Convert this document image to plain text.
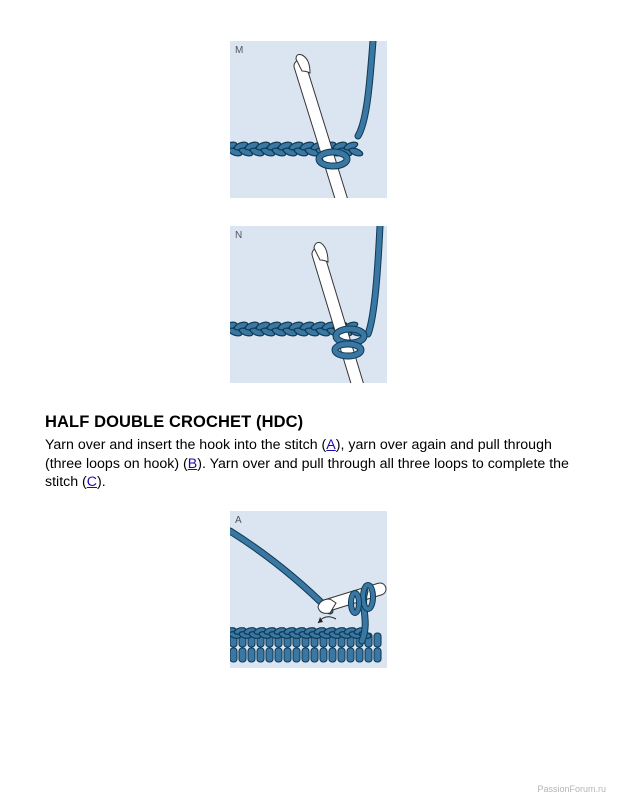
M
N
HALF DOUBLE CROCHET (HDC)

Yarn over and insert the hook into the stitch (A), yarn over again and pull through (three loops on hook) (B). Yarn over and pull through all three loops to complete the stitch (C).

A
PassionForum.ru
